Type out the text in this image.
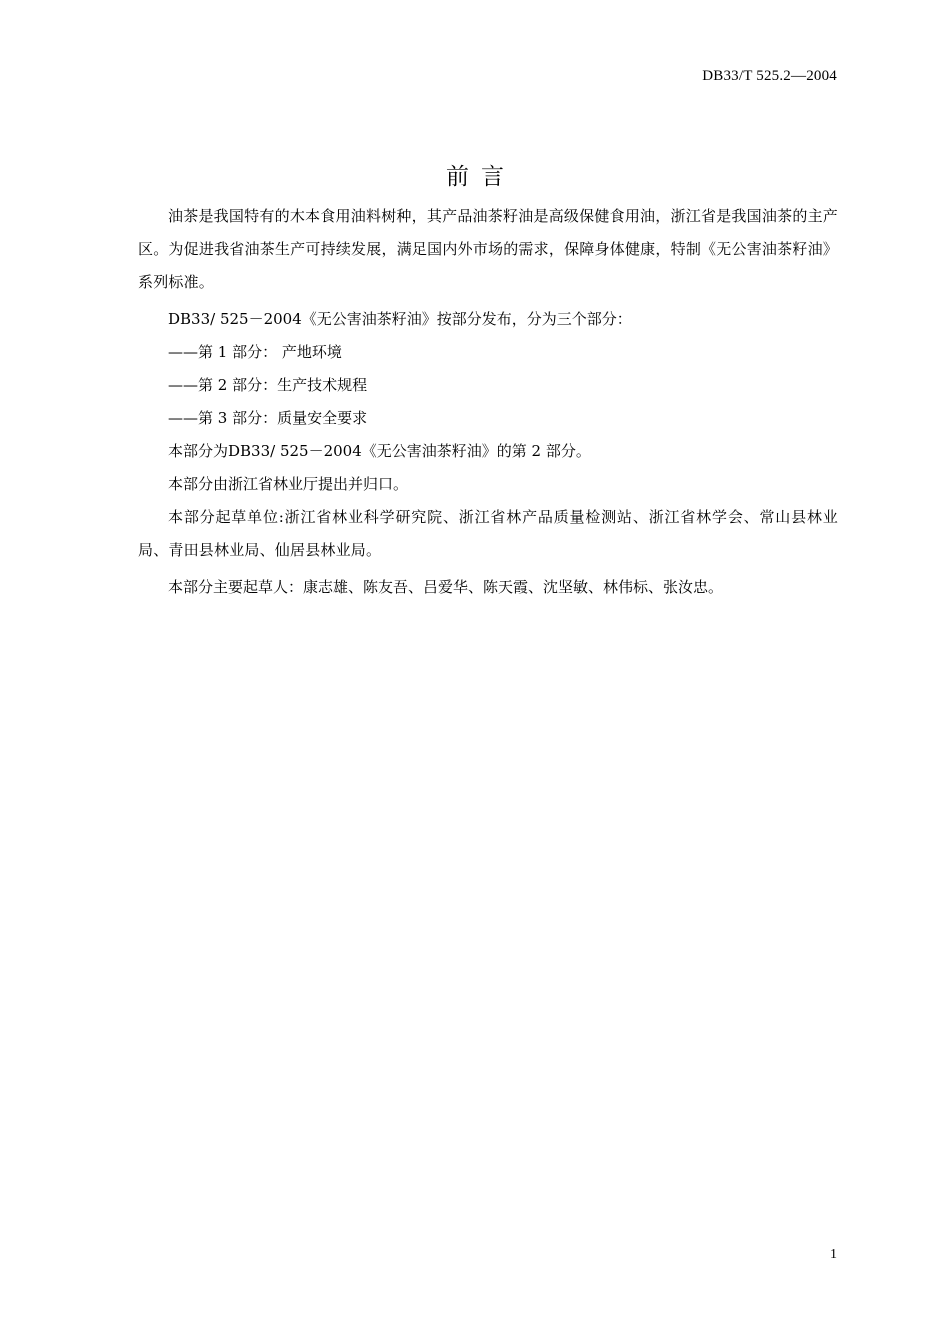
DB33/T 525.2—2004
前言

油茶是我国特有的木本食用油料树种，其产品油茶籽油是高级保健食用油，浙江省是我国油茶的主产区。为促进我省油茶生产可持续发展，满足国内外市场的需求，保障身体健康，特制《无公害油茶籽油》系列标准。

DB33/ 525－2004《无公害油茶籽油》按部分发布，分为三个部分：

——第 1 部分： 产地环境

——第 2 部分：生产技术规程

——第 3 部分：质量安全要求

本部分为DB33/ 525－2004《无公害油茶籽油》的第 2 部分。

本部分由浙江省林业厅提出并归口。

本部分起草单位:浙江省林业科学研究院、浙江省林产品质量检测站、浙江省林学会、常山县林业局、青田县林业局、仙居县林业局。

本部分主要起草人：康志雄、陈友吾、吕爱华、陈天霞、沈坚敏、林伟标、张汝忠。

1
